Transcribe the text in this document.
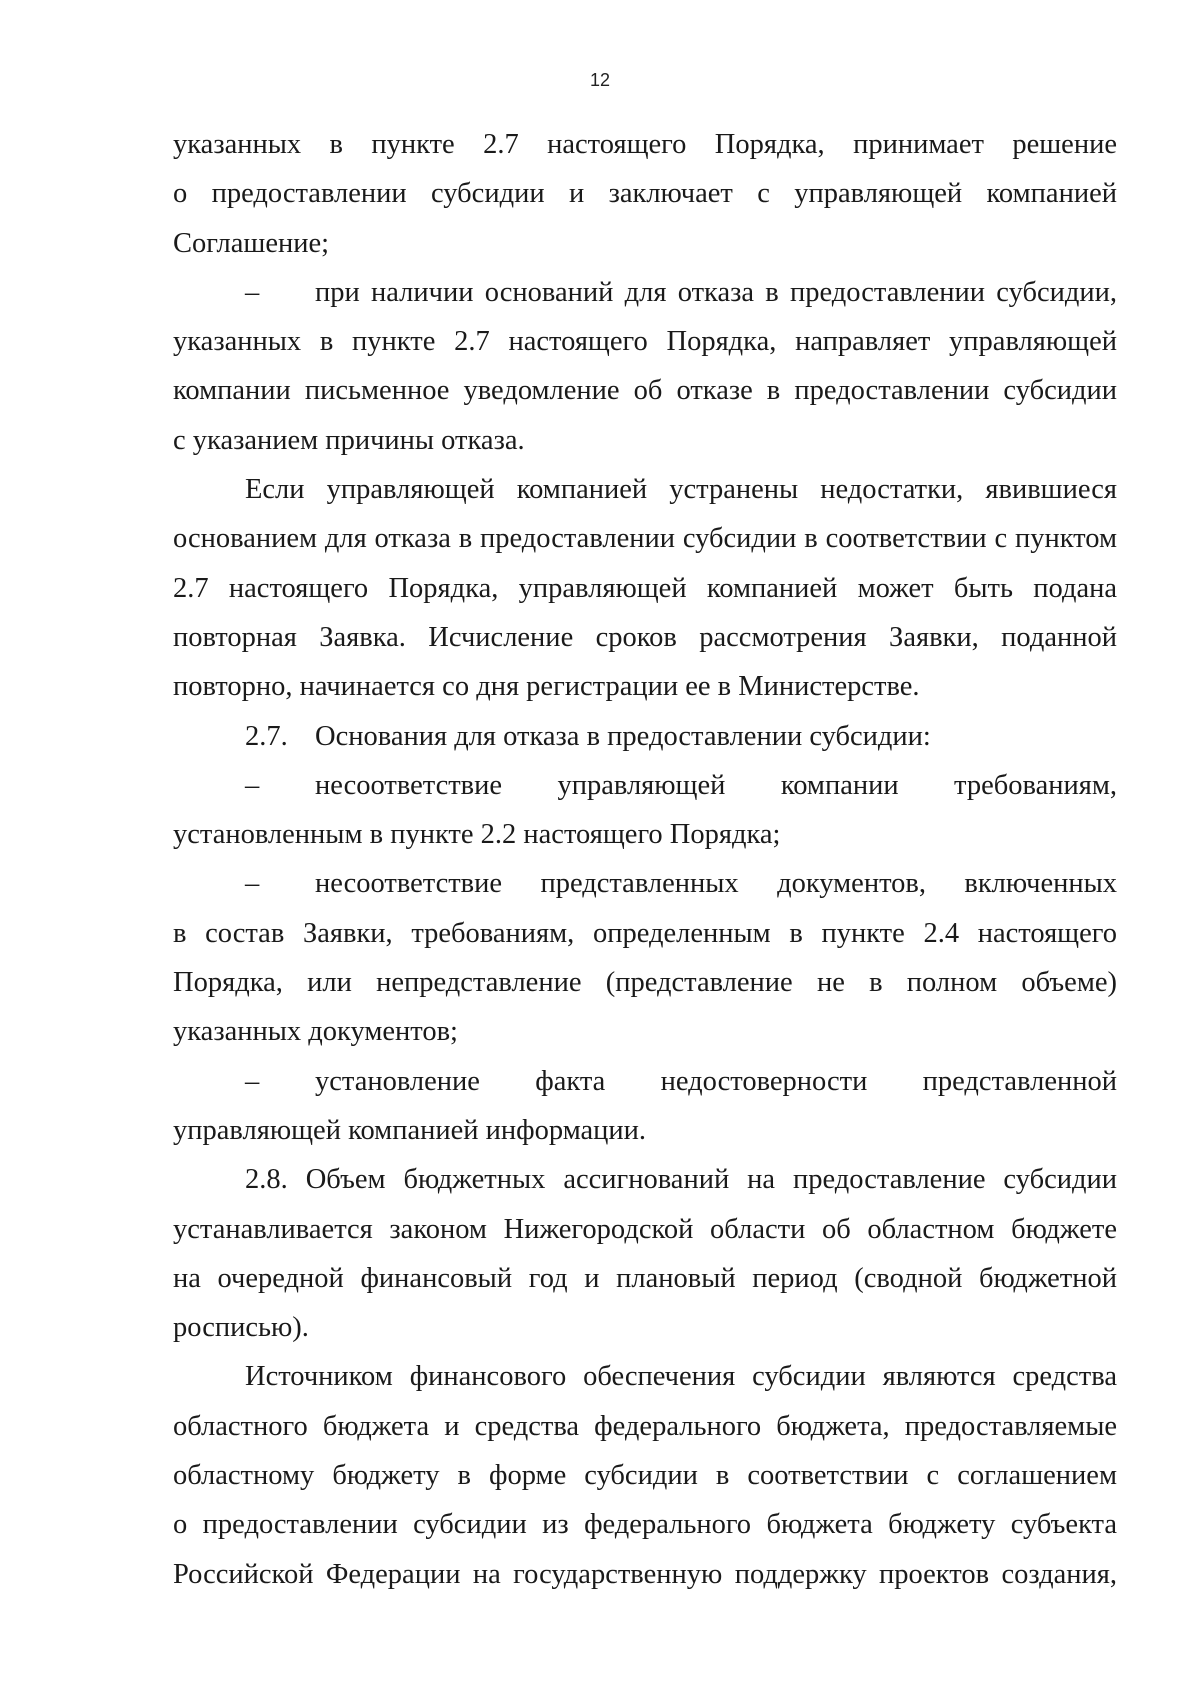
12
указанных в пункте 2.7 настоящего Порядка, принимает решение
о предоставлении субсидии и заключает с управляющей компанией
Соглашение;
–	при наличии оснований для отказа в предоставлении субсидии,
указанных в пункте 2.7 настоящего Порядка, направляет управляющей
компании письменное уведомление об отказе в предоставлении субсидии
с указанием причины отказа.
Если управляющей компанией устранены недостатки, явившиеся
основанием для отказа в предоставлении субсидии в соответствии с пунктом
2.7 настоящего Порядка, управляющей компанией может быть подана
повторная Заявка. Исчисление сроков рассмотрения Заявки, поданной
повторно, начинается со дня регистрации ее в Министерстве.
2.7. Основания для отказа в предоставлении субсидии:
–	несоответствие управляющей компании требованиям,
установленным в пункте 2.2 настоящего Порядка;
–	несоответствие представленных документов, включенных
в состав Заявки, требованиям, определенным в пункте 2.4 настоящего
Порядка, или непредставление (представление не в полном объеме)
указанных документов;
–	установление факта недостоверности представленной
управляющей компанией информации.
2.8. Объем бюджетных ассигнований на предоставление субсидии
устанавливается законом Нижегородской области об областном бюджете
на очередной финансовый год и плановый период (сводной бюджетной
росписью).
Источником финансового обеспечения субсидии являются средства
областного бюджета и средства федерального бюджета, предоставляемые
областному бюджету в форме субсидии в соответствии с соглашением
о предоставлении субсидии из федерального бюджета бюджету субъекта
Российской Федерации на государственную поддержку проектов создания,
